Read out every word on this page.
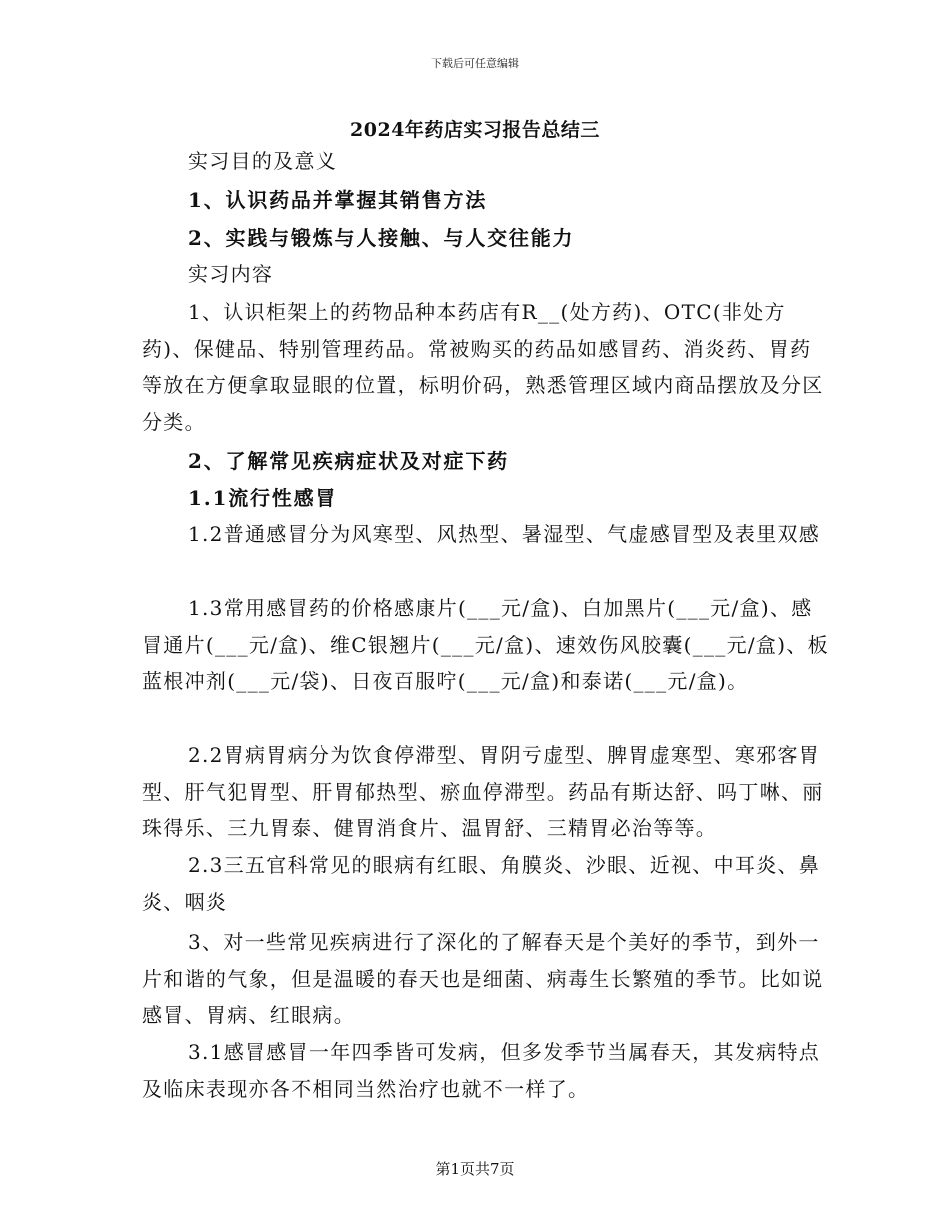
下载后可任意编辑
2024年药店实习报告总结三

实习目的及意义

1、认识药品并掌握其销售方法

2、实践与锻炼与人接触、与人交往能力

实习内容

1、认识柜架上的药物品种本药店有R__(处方药)、OTC(非处方药)、保健品、特别管理药品。常被购买的药品如感冒药、消炎药、胃药等放在方便拿取显眼的位置，标明价码，熟悉管理区域内商品摆放及分区分类。

2、了解常见疾病症状及对症下药

1.1流行性感冒

1.2普通感冒分为风寒型、风热型、暑湿型、气虚感冒型及表里双感

1.3常用感冒药的价格感康片(___元/盒)、白加黑片(___元/盒)、感冒通片(___元/盒)、维C银翘片(___元/盒)、速效伤风胶囊(___元/盒)、板蓝根冲剂(___元/袋)、日夜百服咛(___元/盒)和泰诺(___元/盒)。

2.2胃病胃病分为饮食停滞型、胃阴亏虚型、脾胃虚寒型、寒邪客胃型、肝气犯胃型、肝胃郁热型、瘀血停滞型。药品有斯达舒、吗丁啉、丽珠得乐、三九胃泰、健胃消食片、温胃舒、三精胃必治等等。

2.3三五官科常见的眼病有红眼、角膜炎、沙眼、近视、中耳炎、鼻炎、咽炎

3、对一些常见疾病进行了深化的了解春天是个美好的季节，到外一片和谐的气象，但是温暖的春天也是细菌、病毒生长繁殖的季节。比如说感冒、胃病、红眼病。

3.1感冒感冒一年四季皆可发病，但多发季节当属春天，其发病特点及临床表现亦各不相同当然治疗也就不一样了。

第1页共7页
